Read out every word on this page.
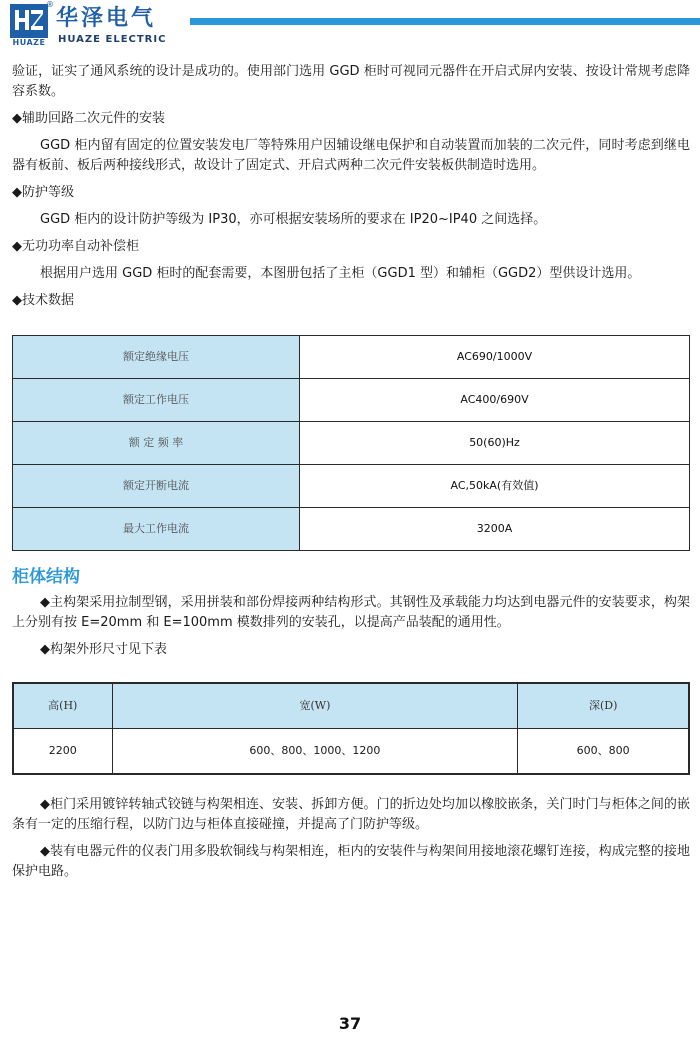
®
HUAZE
华泽电气
HUAZE ELECTRIC

验证，证实了通风系统的设计是成功的。使用部门选用 GGD 柜时可视同元器件在开启式屏内安装、按设计常规考虑降容系数。

◆辅助回路二次元件的安装

GGD 柜内留有固定的位置安装发电厂等特殊用户因辅设继电保护和自动装置而加装的二次元件，同时考虑到继电器有板前、板后两种接线形式，故设计了固定式、开启式两种二次元件安装板供制造时选用。

◆防护等级

GGD 柜内的设计防护等级为 IP30，亦可根据安装场所的要求在 IP20~IP40 之间选择。

◆无功功率自动补偿柜

根据用户选用 GGD 柜时的配套需要，本图册包括了主柜（GGD1 型）和辅柜（GGD2）型供设计选用。

◆技术数据

额定绝缘电压	AC690/1000V
额定工作电压	AC400/690V
额 定 频 率	50(60)Hz
额定开断电流	AC,50kA(有效值)
最大工作电流	3200A

柜体结构

◆主构架采用拉制型钢，采用拼装和部份焊接两种结构形式。其钢性及承载能力均达到电器元件的安装要求，构架上分别有按 E=20mm 和 E=100mm 模数排列的安装孔，以提高产品装配的通用性。

◆构架外形尺寸见下表

高(H)	宽(W)	深(D)
2200	600、800、1000、1200	600、800

◆柜门采用镀锌转轴式铰链与构架相连、安装、拆卸方便。门的折边处均加以橡胶嵌条，关门时门与柜体之间的嵌条有一定的压缩行程，以防门边与柜体直接碰撞，并提高了门防护等级。

◆装有电器元件的仪表门用多股软铜线与构架相连，柜内的安装件与构架间用接地滚花螺钉连接，构成完整的接地保护电路。

37
